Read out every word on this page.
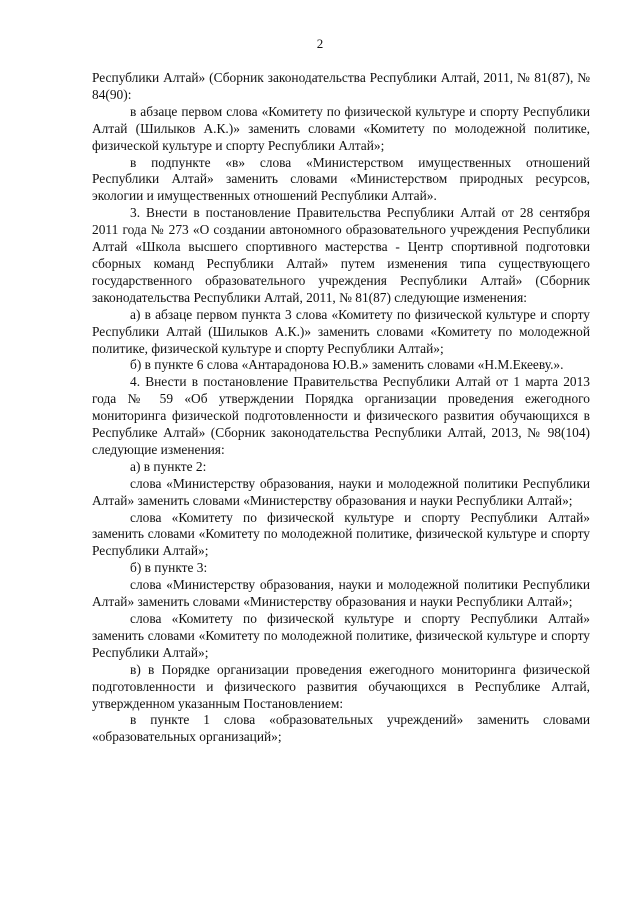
2

Республики Алтай» (Сборник законодательства Республики Алтай, 2011, № 81(87), № 84(90):

в абзаце первом слова «Комитету по физической культуре и спорту Республики Алтай (Шилыков А.К.)» заменить словами «Комитету по молодежной политике, физической культуре и спорту Республики Алтай»;

в подпункте «в» слова «Министерством имущественных отношений Республики Алтай» заменить словами «Министерством природных ресурсов, экологии и имущественных отношений Республики Алтай».

3. Внести в постановление Правительства Республики Алтай от 28 сентября 2011 года № 273 «О создании автономного образовательного учреждения Республики Алтай «Школа высшего спортивного мастерства - Центр спортивной подготовки сборных команд Республики Алтай» путем изменения типа существующего государственного образовательного учреждения Республики Алтай» (Сборник законодательства Республики Алтай, 2011, № 81(87) следующие изменения:

а) в абзаце первом пункта 3 слова «Комитету по физической культуре и спорту Республики Алтай (Шилыков А.К.)» заменить словами «Комитету по молодежной политике, физической культуре и спорту Республики Алтай»;

б) в пункте 6 слова «Антарадонова Ю.В.» заменить словами «Н.М.Екееву.».

4. Внести в постановление Правительства Республики Алтай от 1 марта 2013 года № 59 «Об утверждении Порядка организации проведения ежегодного мониторинга физической подготовленности и физического развития обучающихся в Республике Алтай» (Сборник законодательства Республики Алтай, 2013, № 98(104) следующие изменения:

а) в пункте 2:

слова «Министерству образования, науки и молодежной политики Республики Алтай» заменить словами «Министерству образования и науки Республики Алтай»;

слова «Комитету по физической культуре и спорту Республики Алтай» заменить словами «Комитету по молодежной политике, физической культуре и спорту Республики Алтай»;

б) в пункте 3:

слова «Министерству образования, науки и молодежной политики Республики Алтай» заменить словами «Министерству образования и науки Республики Алтай»;

слова «Комитету по физической культуре и спорту Республики Алтай» заменить словами «Комитету по молодежной политике, физической культуре и спорту Республики Алтай»;

в) в Порядке организации проведения ежегодного мониторинга физической подготовленности и физического развития обучающихся в Республике Алтай, утвержденном указанным Постановлением:

в пункте 1 слова «образовательных учреждений» заменить словами «образовательных организаций»;
